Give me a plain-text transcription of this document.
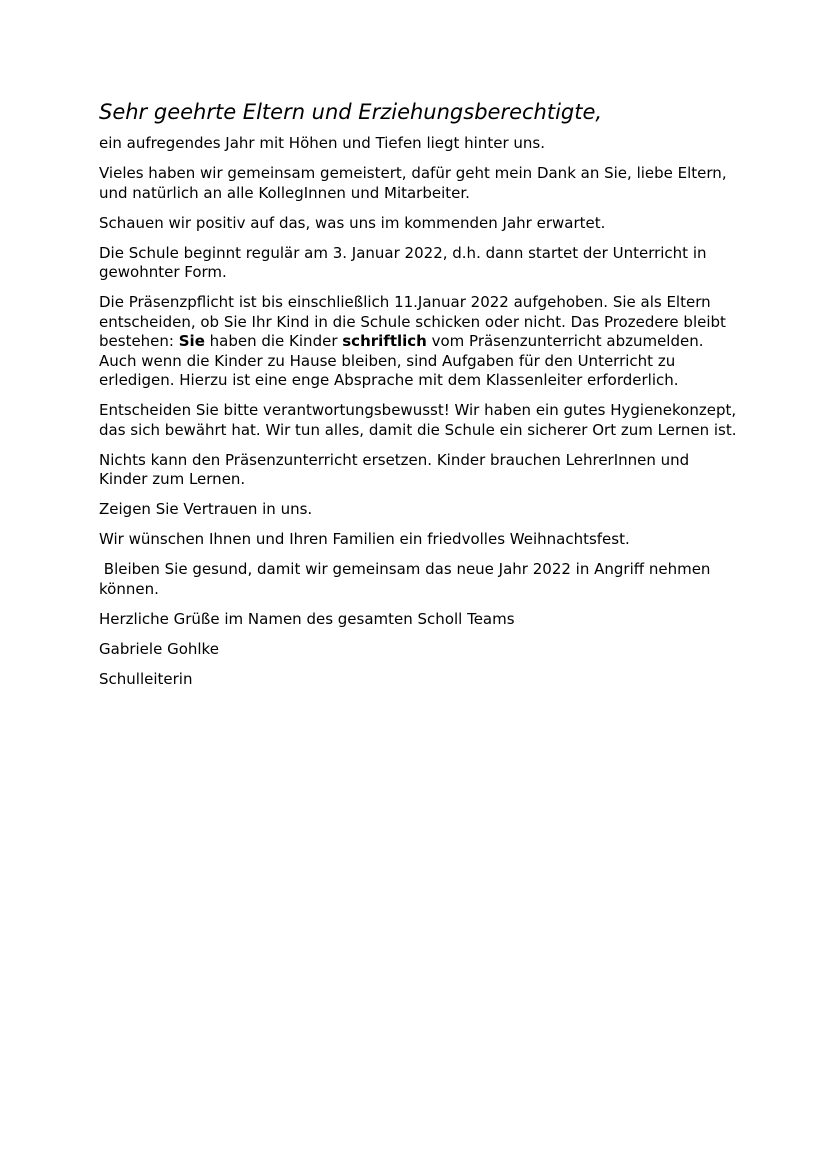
Sehr geehrte Eltern und Erziehungsberechtigte,

ein aufregendes Jahr mit Höhen und Tiefen liegt hinter uns.

Vieles haben wir gemeinsam gemeistert, dafür geht mein Dank an Sie, liebe Eltern, und natürlich an alle KollegInnen und Mitarbeiter.

Schauen wir positiv auf das, was uns im kommenden Jahr erwartet.

Die Schule beginnt regulär am 3. Januar 2022, d.h. dann startet der Unterricht in gewohnter Form.

Die Präsenzpflicht ist bis einschließlich 11.Januar 2022 aufgehoben. Sie als Eltern entscheiden, ob Sie Ihr Kind in die Schule schicken oder nicht. Das Prozedere bleibt bestehen: Sie haben die Kinder schriftlich vom Präsenzunterricht abzumelden. Auch wenn die Kinder zu Hause bleiben, sind Aufgaben für den Unterricht zu erledigen. Hierzu ist eine enge Absprache mit dem Klassenleiter erforderlich.

Entscheiden Sie bitte verantwortungsbewusst! Wir haben ein gutes Hygienekonzept, das sich bewährt hat. Wir tun alles, damit die Schule ein sicherer Ort zum Lernen ist.

Nichts kann den Präsenzunterricht ersetzen. Kinder brauchen LehrerInnen und Kinder zum Lernen.

Zeigen Sie Vertrauen in uns.

Wir wünschen Ihnen und Ihren Familien ein friedvolles Weihnachtsfest.

Bleiben Sie gesund, damit wir gemeinsam das neue Jahr 2022 in Angriff nehmen können.

Herzliche Grüße im Namen des gesamten Scholl Teams

Gabriele Gohlke

Schulleiterin
